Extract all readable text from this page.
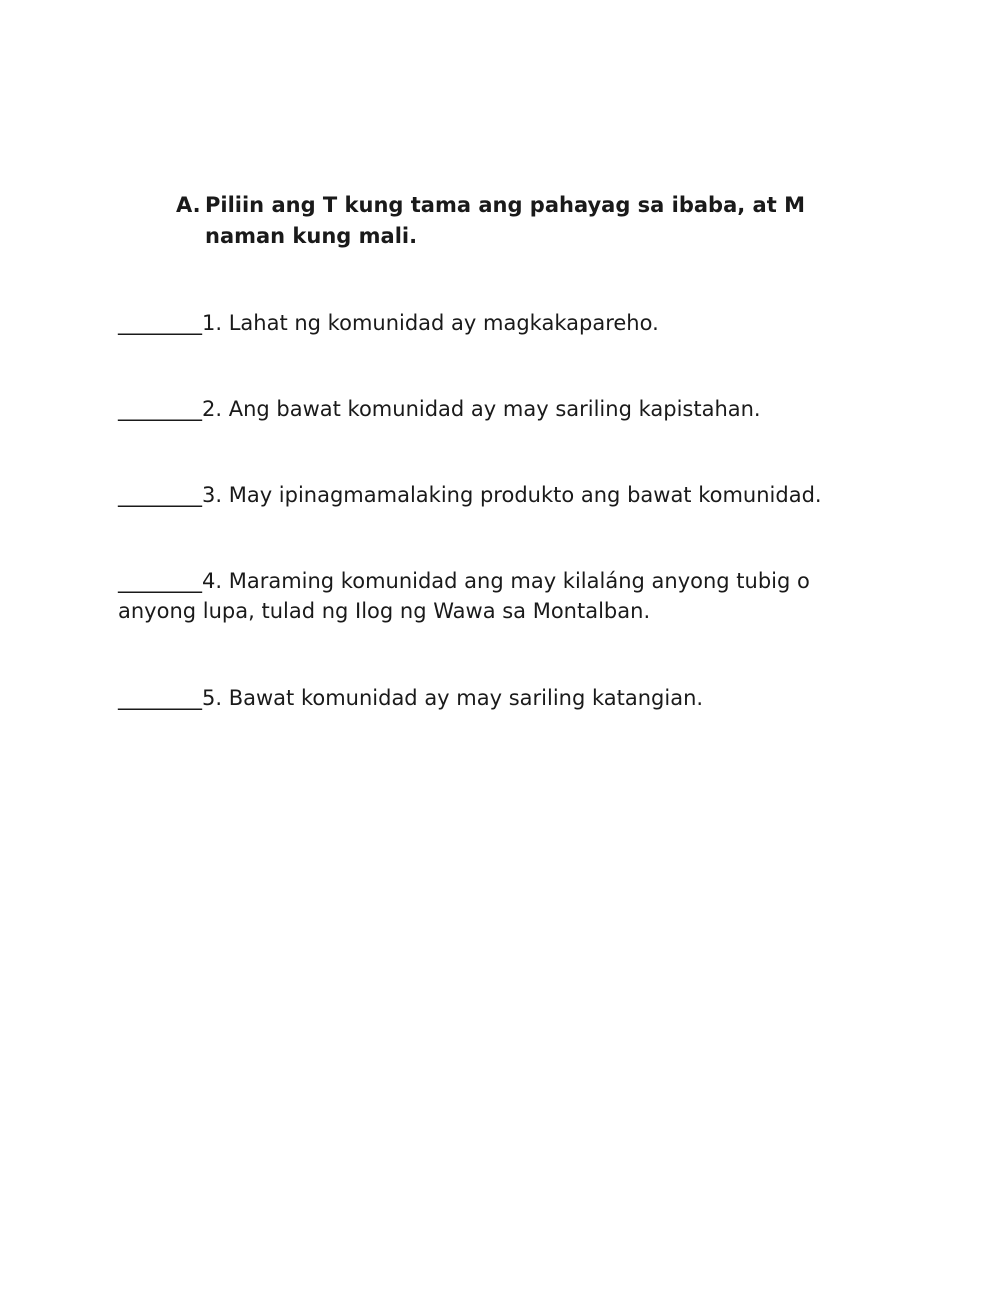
A. Piliin ang T kung tama ang pahayag sa ibaba, at M naman kung mali.
________1. Lahat ng komunidad ay magkakapareho.
________2. Ang bawat komunidad ay may sariling kapistahan.
________3. May ipinagmamalaking produkto ang bawat komunidad.
________4. Maraming komunidad ang may kilaláng anyong tubig o anyong lupa, tulad ng Ilog ng Wawa sa Montalban.
________5. Bawat komunidad ay may sariling katangian.
